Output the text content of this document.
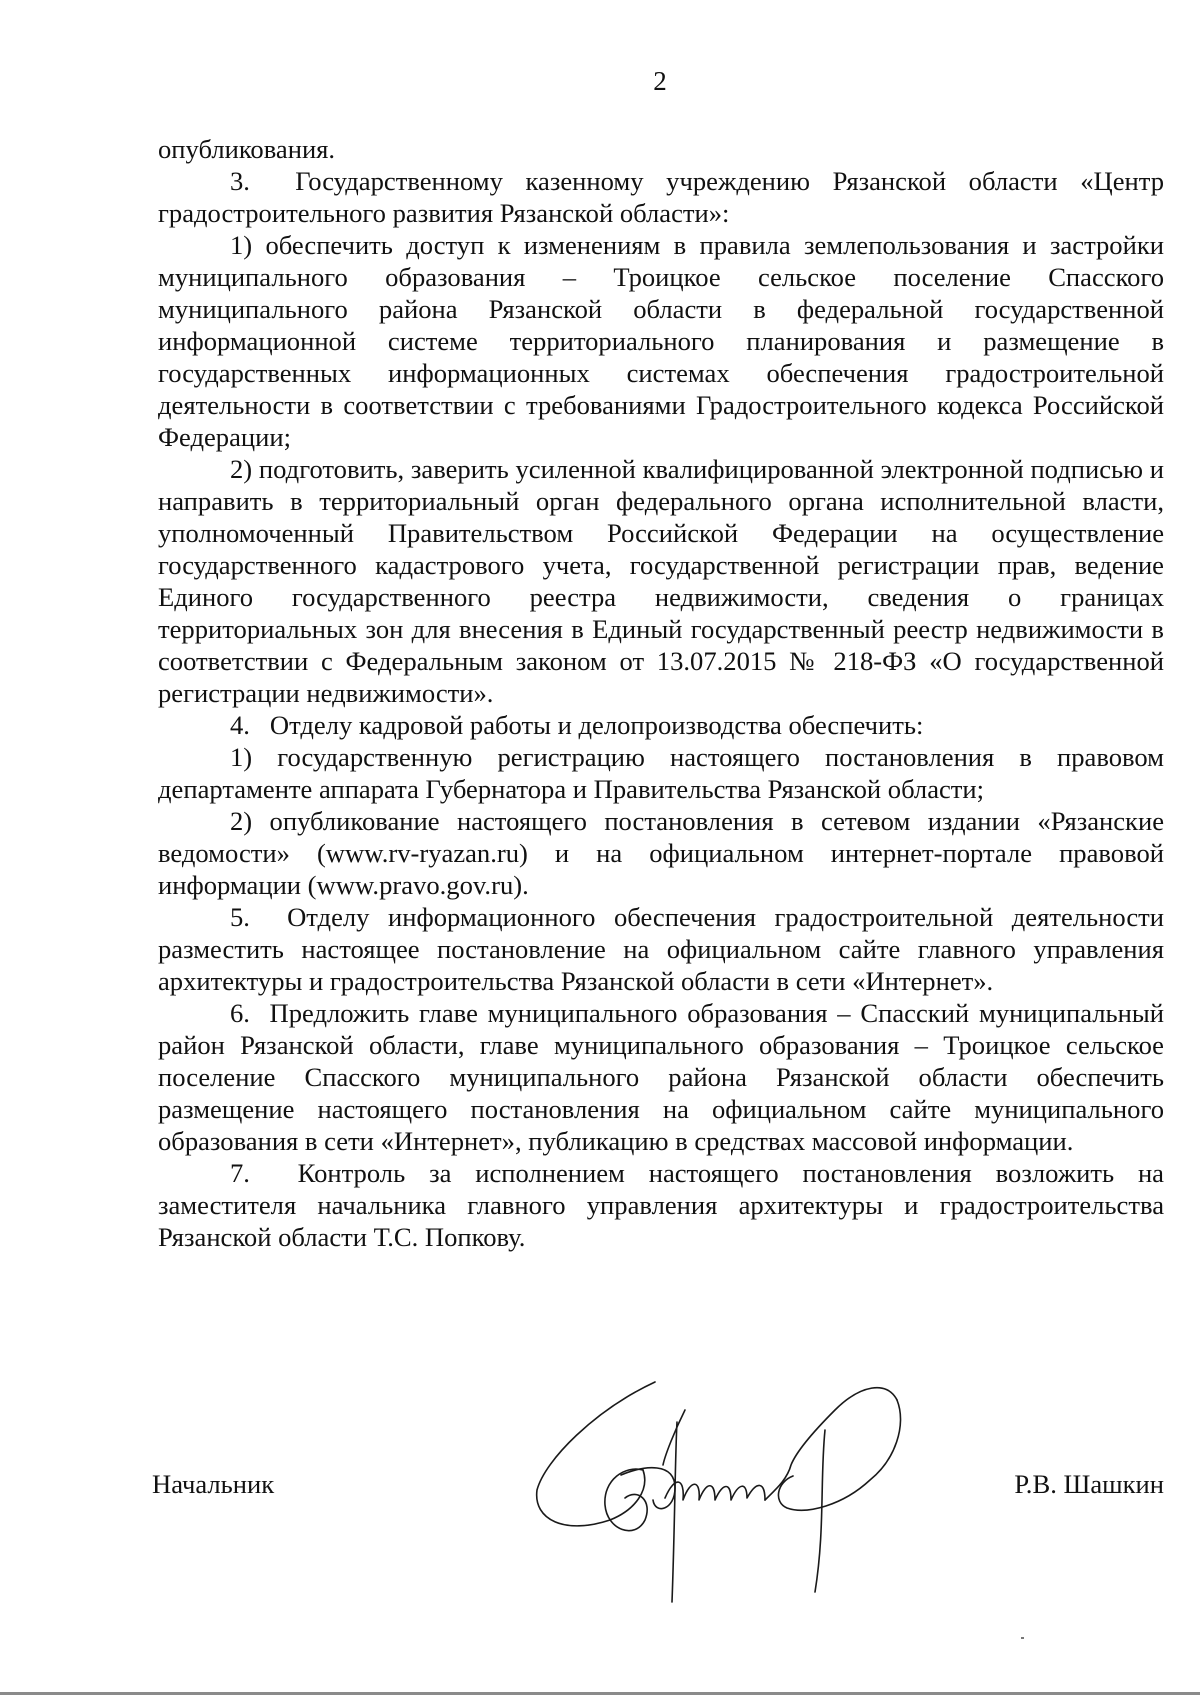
2

опубликования.

3.  Государственному казенному учреждению Рязанской области «Центр градостроительного развития Рязанской области»:

1) обеспечить доступ к изменениям в правила землепользования и застройки муниципального образования – Троицкое сельское поселение Спасского муниципального района Рязанской области в федеральной государственной информационной системе территориального планирования и размещение в государственных информационных системах обеспечения градостроительной деятельности в соответствии с требованиями Градостроительного кодекса Российской Федерации;

2) подготовить, заверить усиленной квалифицированной электронной подписью и направить в территориальный орган федерального органа исполнительной власти, уполномоченный Правительством Российской Федерации на осуществление государственного кадастрового учета, государственной регистрации прав, ведение Единого государственного реестра недвижимости, сведения о границах территориальных зон для внесения в Единый государственный реестр недвижимости в соответствии с Федеральным законом от 13.07.2015 № 218-ФЗ «О государственной регистрации недвижимости».

4.   Отделу кадровой работы и делопроизводства обеспечить:

1) государственную регистрацию настоящего постановления в правовом департаменте аппарата Губернатора и Правительства Рязанской области;

2) опубликование настоящего постановления в сетевом издании «Рязанские ведомости» (www.rv-ryazan.ru) и на официальном интернет-портале правовой информации (www.pravo.gov.ru).

5.  Отделу информационного обеспечения градостроительной деятельности разместить настоящее постановление на официальном сайте главного управления архитектуры и градостроительства Рязанской области в сети «Интернет».

6.  Предложить главе муниципального образования – Спасский муниципальный район Рязанской области, главе муниципального образования – Троицкое сельское поселение Спасского муниципального района Рязанской области обеспечить размещение настоящего постановления на официальном сайте муниципального образования в сети «Интернет», публикацию в средствах массовой информации.

7.  Контроль за исполнением настоящего постановления возложить на заместителя начальника главного управления архитектуры и градостроительства Рязанской области Т.С. Попкову.

Начальник	Р.В. Шашкин
